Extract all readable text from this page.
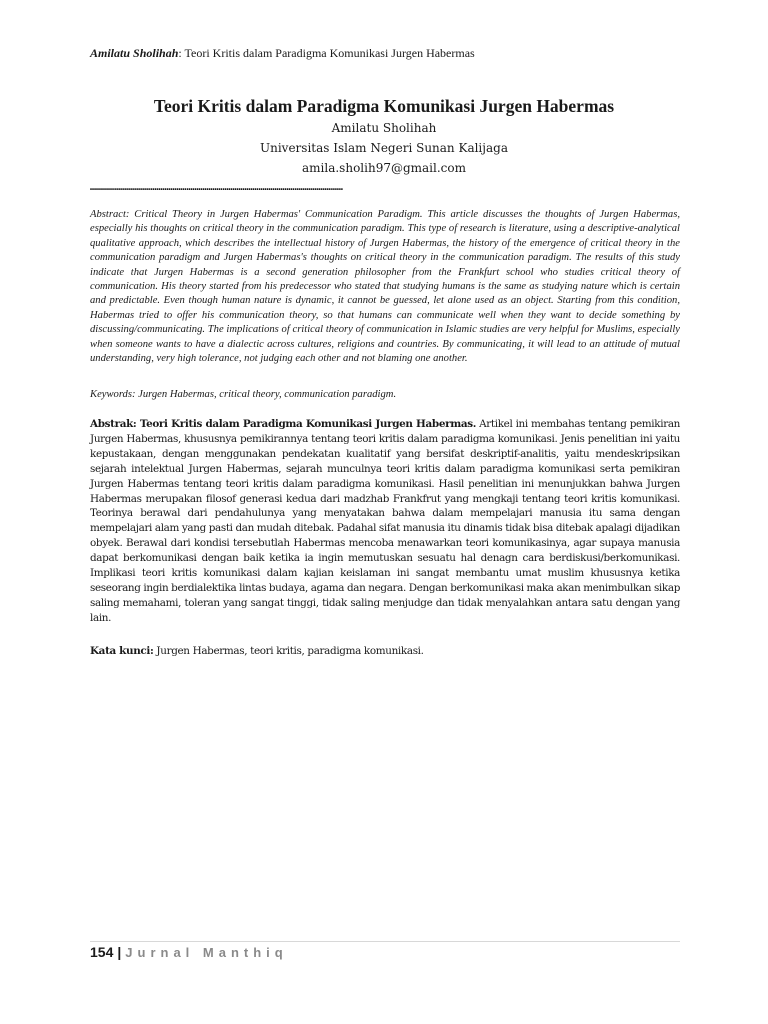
Amilatu Sholihah: Teori Kritis dalam Paradigma Komunikasi Jurgen Habermas
Teori Kritis dalam Paradigma Komunikasi Jurgen Habermas
Amilatu Sholihah
Universitas Islam Negeri Sunan Kalijaga
amila.sholih97@gmail.com
………………………………………………………………………………………………………………
Abstract: Critical Theory in Jurgen Habermas' Communication Paradigm. This article discusses the thoughts of Jurgen Habermas, especially his thoughts on critical theory in the communication paradigm. This type of research is literature, using a descriptive-analytical qualitative approach, which describes the intellectual history of Jurgen Habermas, the history of the emergence of critical theory in the communication paradigm and Jurgen Habermas's thoughts on critical theory in the communication paradigm. The results of this study indicate that Jurgen Habermas is a second generation philosopher from the Frankfurt school who studies critical theory of communication. His theory started from his predecessor who stated that studying humans is the same as studying nature which is certain and predictable. Even though human nature is dynamic, it cannot be guessed, let alone used as an object. Starting from this condition, Habermas tried to offer his communication theory, so that humans can communicate well when they want to decide something by discussing/communicating. The implications of critical theory of communication in Islamic studies are very helpful for Muslims, especially when someone wants to have a dialectic across cultures, religions and countries. By communicating, it will lead to an attitude of mutual understanding, very high tolerance, not judging each other and not blaming one another.
Keywords: Jurgen Habermas, critical theory, communication paradigm.
Abstrak: Teori Kritis dalam Paradigma Komunikasi Jurgen Habermas. Artikel ini membahas tentang pemikiran Jurgen Habermas, khususnya pemikirannya tentang teori kritis dalam paradigma komunikasi. Jenis penelitian ini yaitu kepustakaan, dengan menggunakan pendekatan kualitatif yang bersifat deskriptif-analitis, yaitu mendeskripsikan sejarah intelektual Jurgen Habermas, sejarah munculnya teori kritis dalam paradigma komunikasi serta pemikiran Jurgen Habermas tentang teori kritis dalam paradigma komunikasi. Hasil penelitian ini menunjukkan bahwa Jurgen Habermas merupakan filosof generasi kedua dari madzhab Frankfrut yang mengkaji tentang teori kritis komunikasi. Teorinya berawal dari pendahulunya yang menyatakan bahwa dalam mempelajari manusia itu sama dengan mempelajari alam yang pasti dan mudah ditebak. Padahal sifat manusia itu dinamis tidak bisa ditebak apalagi dijadikan obyek. Berawal dari kondisi tersebutlah Habermas mencoba menawarkan teori komunikasinya, agar supaya manusia dapat berkomunikasi dengan baik ketika ia ingin memutuskan sesuatu hal denagn cara berdiskusi/berkomunikasi. Implikasi teori kritis komunikasi dalam kajian keislaman ini sangat membantu umat muslim khususnya ketika seseorang ingin berdialektika lintas budaya, agama dan negara. Dengan berkomunikasi maka akan menimbulkan sikap saling memahami, toleran yang sangat tinggi, tidak saling menjudge dan tidak menyalahkan antara satu dengan yang lain.
Kata kunci: Jurgen Habermas, teori kritis, paradigma komunikasi.
154 | Jurnal Manthiq
